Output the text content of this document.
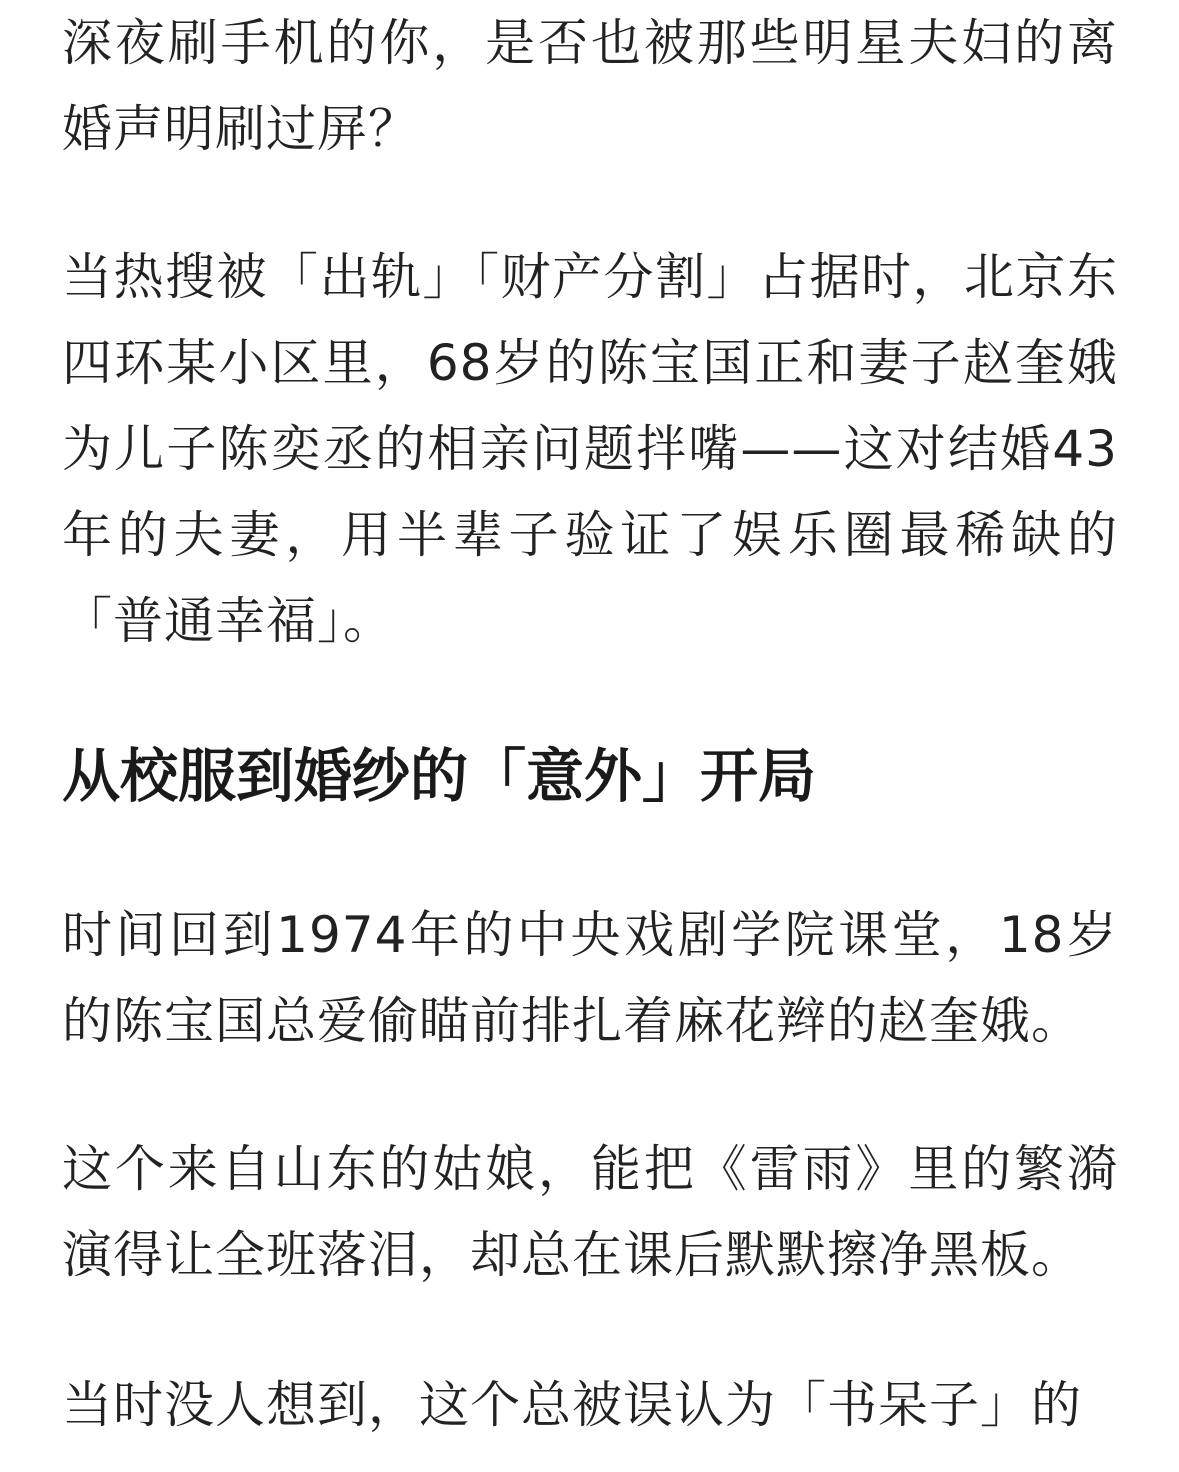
深夜刷手机的你，是否也被那些明星夫妇的离婚声明刷过屏？

当热搜被「出轨」「财产分割」占据时，北京东四环某小区里，68岁的陈宝国正和妻子赵奎娥为儿子陈奕丞的相亲问题拌嘴——这对结婚43年的夫妻，用半辈子验证了娱乐圈最稀缺的「普通幸福」。

从校服到婚纱的「意外」开局

时间回到1974年的中央戏剧学院课堂，18岁的陈宝国总爱偷瞄前排扎着麻花辫的赵奎娥。

这个来自山东的姑娘，能把《雷雨》里的繁漪演得让全班落泪，却总在课后默默擦净黑板。

当时没人想到，这个总被误认为「书呆子」的
